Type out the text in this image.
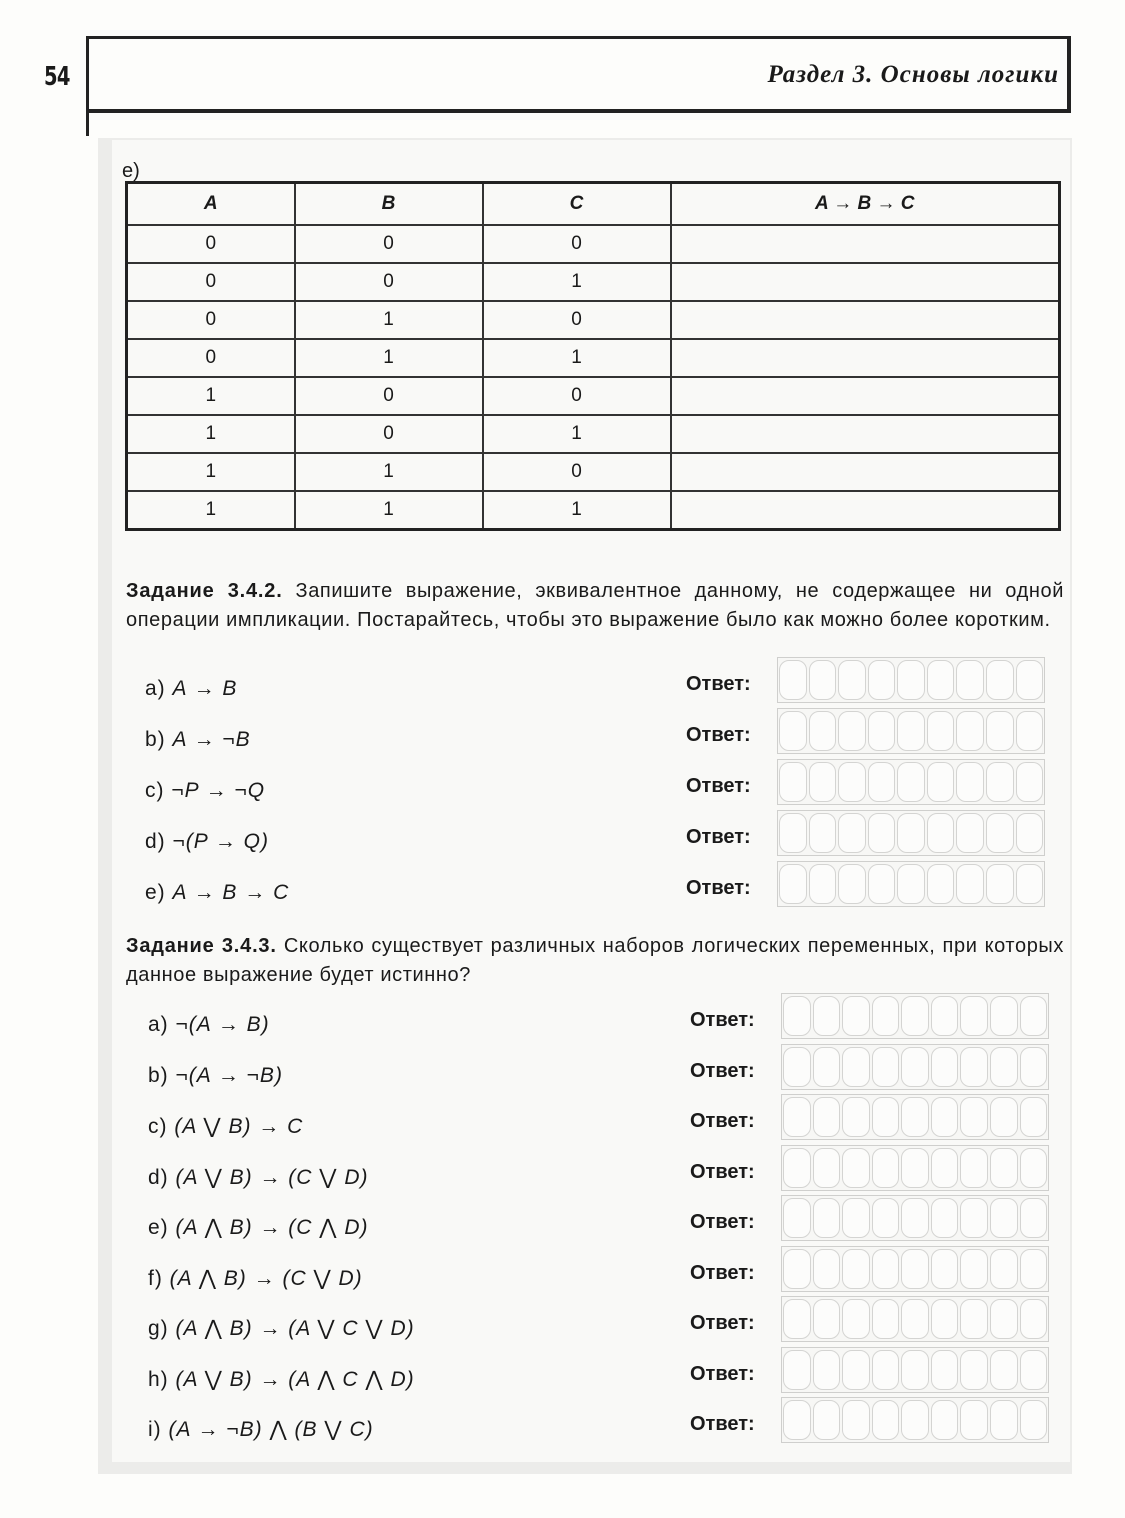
54	Раздел 3. Основы логики
e)
A	B	C	A → B → C
0	0	0	
0	0	1	
0	1	0	
0	1	1	
1	0	0	
1	0	1	
1	1	0	
1	1	1	
Задание 3.4.2. Запишите выражение, эквивалентное данному, не содержащее ни одной операции импликации. Постарайтесь, чтобы это выражение было как можно более коротким.
Задание 3.4.3. Сколько существует различных наборов логических переменных, при которых данное выражение будет истинно?
a) A → B	Ответ:
b) A → ¬B	Ответ:
c) ¬P → ¬Q	Ответ:
d) ¬(P → Q)	Ответ:
e) A → B → C	Ответ:
a) ¬(A → B)	Ответ:
b) ¬(A → ¬B)	Ответ:
c) (A ⋁ B) → C	Ответ:
d) (A ⋁ B) → (C ⋁ D)	Ответ:
e) (A ⋀ B) → (C ⋀ D)	Ответ:
f) (A ⋀ B) → (C ⋁ D)	Ответ:
g) (A ⋀ B) → (A ⋁ C ⋁ D)	Ответ:
h) (A ⋁ B) → (A ⋀ C ⋀ D)	Ответ:
i) (A → ¬B) ⋀ (B ⋁ C)	Ответ:
